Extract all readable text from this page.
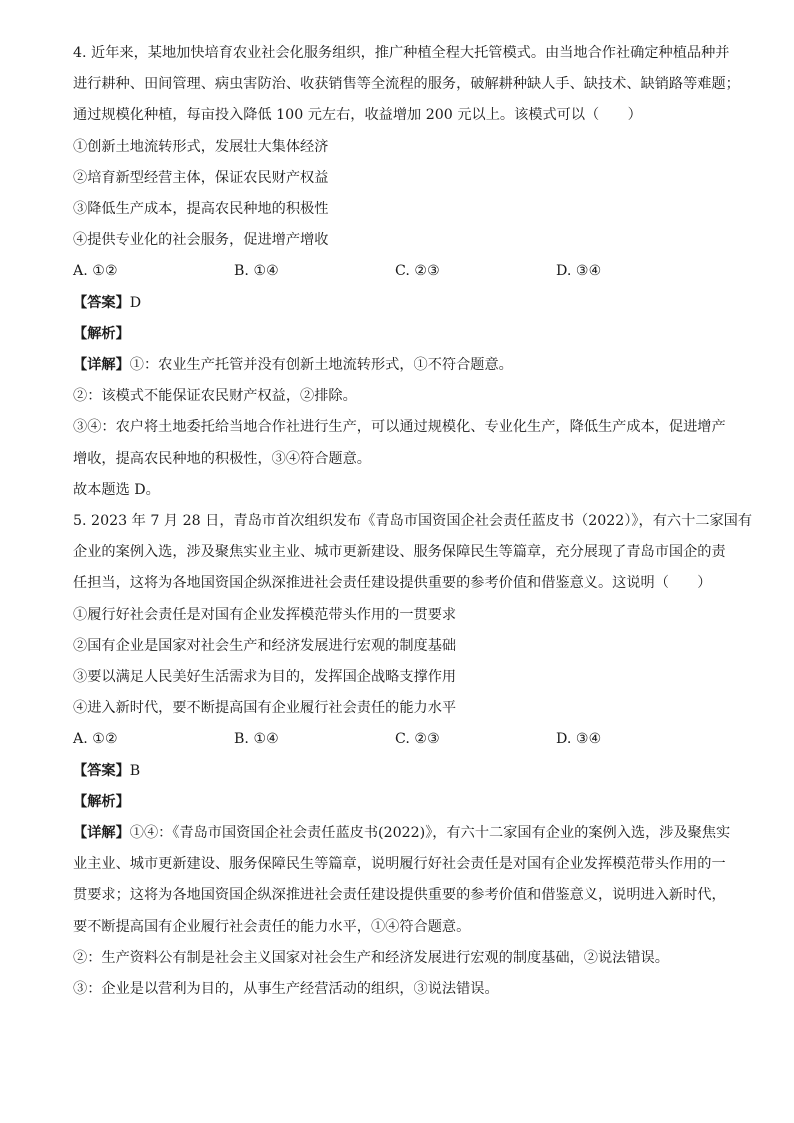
4. 近年来，某地加快培育农业社会化服务组织，推广种植全程大托管模式。由当地合作社确定种植品种并
进行耕种、田间管理、病虫害防治、收获销售等全流程的服务，破解耕种缺人手、缺技术、缺销路等难题；
通过规模化种植，每亩投入降低 100 元左右，收益增加 200 元以上。该模式可以（　　）
①创新土地流转形式，发展壮大集体经济
②培育新型经营主体，保证农民财产权益
③降低生产成本，提高农民种地的积极性
④提供专业化的社会服务，促进增产增收
A. ①②	B. ①④	C. ②③	D. ③④
【答案】D
【解析】
【详解】①：农业生产托管并没有创新土地流转形式，①不符合题意。
②：该模式不能保证农民财产权益，②排除。
③④：农户将土地委托给当地合作社进行生产，可以通过规模化、专业化生产，降低生产成本，促进增产
增收，提高农民种地的积极性，③④符合题意。
故本题选 D。
5. 2023 年 7 月 28 日，青岛市首次组织发布《青岛市国资国企社会责任蓝皮书（2022）》，有六十二家国有
企业的案例入选，涉及聚焦实业主业、城市更新建设、服务保障民生等篇章，充分展现了青岛市国企的责
任担当，这将为各地国资国企纵深推进社会责任建设提供重要的参考价值和借鉴意义。这说明（　　）
①履行好社会责任是对国有企业发挥模范带头作用的一贯要求
②国有企业是国家对社会生产和经济发展进行宏观的制度基础
③要以满足人民美好生活需求为目的，发挥国企战略支撑作用
④进入新时代，要不断提高国有企业履行社会责任的能力水平
A. ①②	B. ①④	C. ②③	D. ③④
【答案】B
【解析】
【详解】①④：《青岛市国资国企社会责任蓝皮书(2022)》，有六十二家国有企业的案例入选，涉及聚焦实
业主业、城市更新建设、服务保障民生等篇章，说明履行好社会责任是对国有企业发挥模范带头作用的一
贯要求；这将为各地国资国企纵深推进社会责任建设提供重要的参考价值和借鉴意义，说明进入新时代，
要不断提高国有企业履行社会责任的能力水平，①④符合题意。
②：生产资料公有制是社会主义国家对社会生产和经济发展进行宏观的制度基础，②说法错误。
③：企业是以营利为目的，从事生产经营活动的组织，③说法错误。
